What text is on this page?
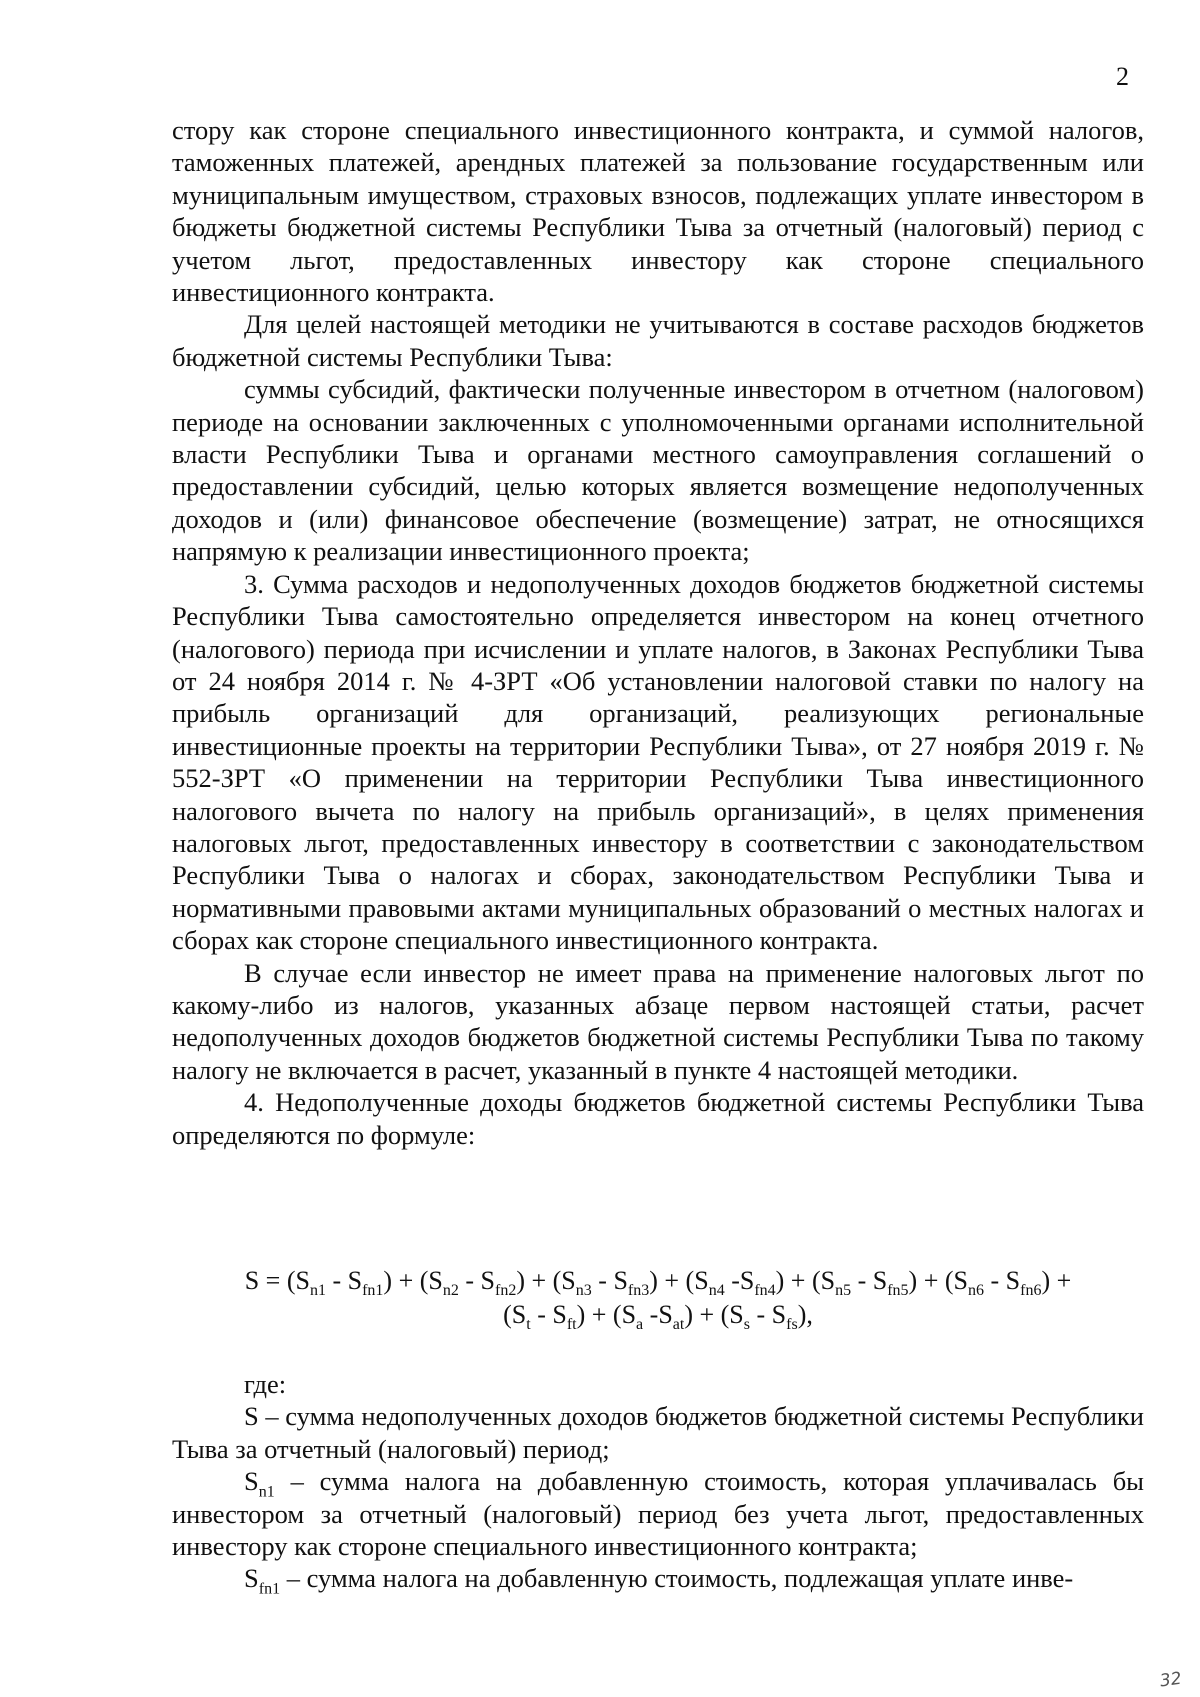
2

стору как стороне специального инвестиционного контракта, и суммой налогов, таможенных платежей, арендных платежей за пользование государственным или муниципальным имуществом, страховых взносов, подлежащих уплате инвестором в бюджеты бюджетной системы Республики Тыва за отчетный (налоговый) период с учетом льгот, предоставленных инвестору как стороне специального инвестиционного контракта.

Для целей настоящей методики не учитываются в составе расходов бюджетов бюджетной системы Республики Тыва:

суммы субсидий, фактически полученные инвестором в отчетном (налоговом) периоде на основании заключенных с уполномоченными органами исполнительной власти Республики Тыва и органами местного самоуправления соглашений о предоставлении субсидий, целью которых является возмещение недополученных доходов и (или) финансовое обеспечение (возмещение) затрат, не относящихся напрямую к реализации инвестиционного проекта;

3. Сумма расходов и недополученных доходов бюджетов бюджетной системы Республики Тыва самостоятельно определяется инвестором на конец отчетного (налогового) периода при исчислении и уплате налогов, в Законах Республики Тыва от 24 ноября 2014 г. № 4-ЗРТ «Об установлении налоговой ставки по налогу на прибыль организаций для организаций, реализующих региональные инвестиционные проекты на территории Республики Тыва», от 27 ноября 2019 г. № 552-ЗРТ «О применении на территории Республики Тыва инвестиционного налогового вычета по налогу на прибыль организаций», в целях применения налоговых льгот, предоставленных инвестору в соответствии с законодательством Республики Тыва о налогах и сборах, законодательством Республики Тыва и нормативными правовыми актами муниципальных образований о местных налогах и сборах как стороне специального инвестиционного контракта.

В случае если инвестор не имеет права на применение налоговых льгот по какому-либо из налогов, указанных абзаце первом настоящей статьи, расчет недополученных доходов бюджетов бюджетной системы Республики Тыва по такому налогу не включается в расчет, указанный в пункте 4 настоящей методики.

4. Недополученные доходы бюджетов бюджетной системы Республики Тыва определяются по формуле:

$S = (S_{n1} - S_{fn1}) + (S_{n2} - S_{fn2}) + (S_{n3} - S_{fn3}) + (S_{n4}$ $-S_{fn4}) + (S_{n5} - S_{fn5}) + (S_{n6} - S_{fn6})$ +
$(S_t - S_{ft}) + (S_a$ $-S_{at}) + (S_s - S_{fs})$,

где:

S – сумма недополученных доходов бюджетов бюджетной системы Республики Тыва за отчетный (налоговый) период;

$S_{n1}$ – сумма налога на добавленную стоимость, которая уплачивалась бы инвестором за отчетный (налоговый) период без учета льгот, предоставленных инвестору как стороне специального инвестиционного контракта;

$S_{fn1}$ – сумма налога на добавленную стоимость, подлежащая уплате инве-

32
